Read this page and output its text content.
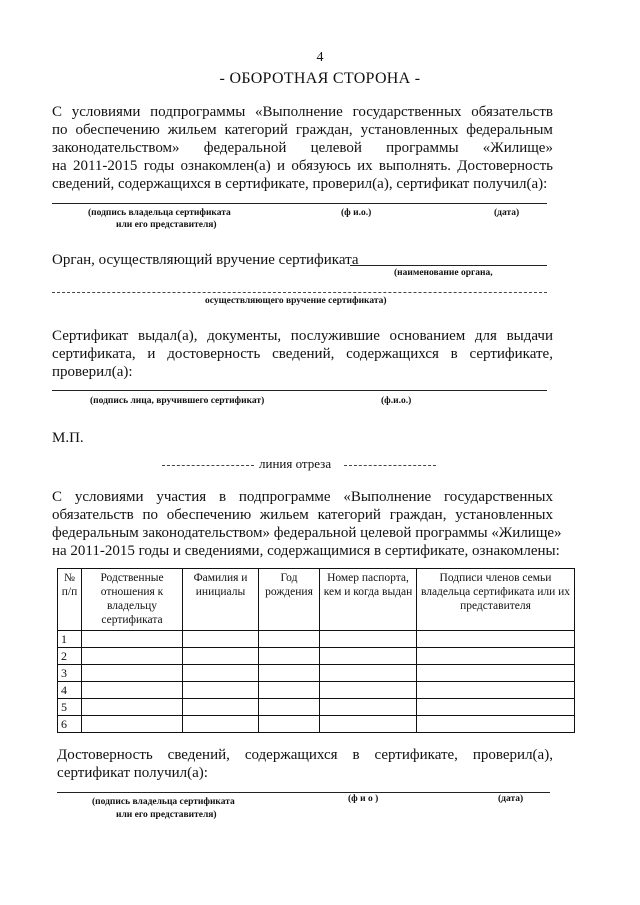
4
- ОБОРОТНАЯ СТОРОНА -
С условиями подпрограммы «Выполнение государственных обязательств
по обеспечению жильем категорий граждан, установленных федеральным
законодательством» федеральной целевой программы «Жилище»
на 2011-2015 годы ознакомлен(а) и обязуюсь их выполнять. Достоверность
сведений, содержащихся в сертификате, проверил(а), сертификат получил(а):
(подпись владельца сертификата
или его представителя)
(ф и.о.)	(дата)
Орган, осуществляющий вручение сертификата
(наименование органа,
осуществляющего вручение сертификата)
Сертификат выдал(а), документы, послужившие основанием для выдачи
сертификата, и достоверность сведений, содержащихся в сертификате,
проверил(а):
(подпись лица, вручившего сертификат)	(ф.и.о.)
М.П.
линия отреза
С условиями участия в подпрограмме «Выполнение государственных
обязательств по обеспечению жильем категорий граждан, установленных
федеральным законодательством» федеральной целевой программы «Жилище»
на 2011-2015 годы и сведениями, содержащимися в сертификате, ознакомлены:
№ п/п	Родственные отношения к владельцу сертификата	Фамилия и инициалы	Год рождения	Номер паспорта, кем и когда выдан	Подписи членов семьи владельца сертификата или их представителя
1					
2					
3					
4					
5					
6					
Достоверность сведений, содержащихся в сертификате, проверил(а),
сертификат получил(а):
(подпись владельца сертификата
или его представителя)
(ф и о )	(дата)
